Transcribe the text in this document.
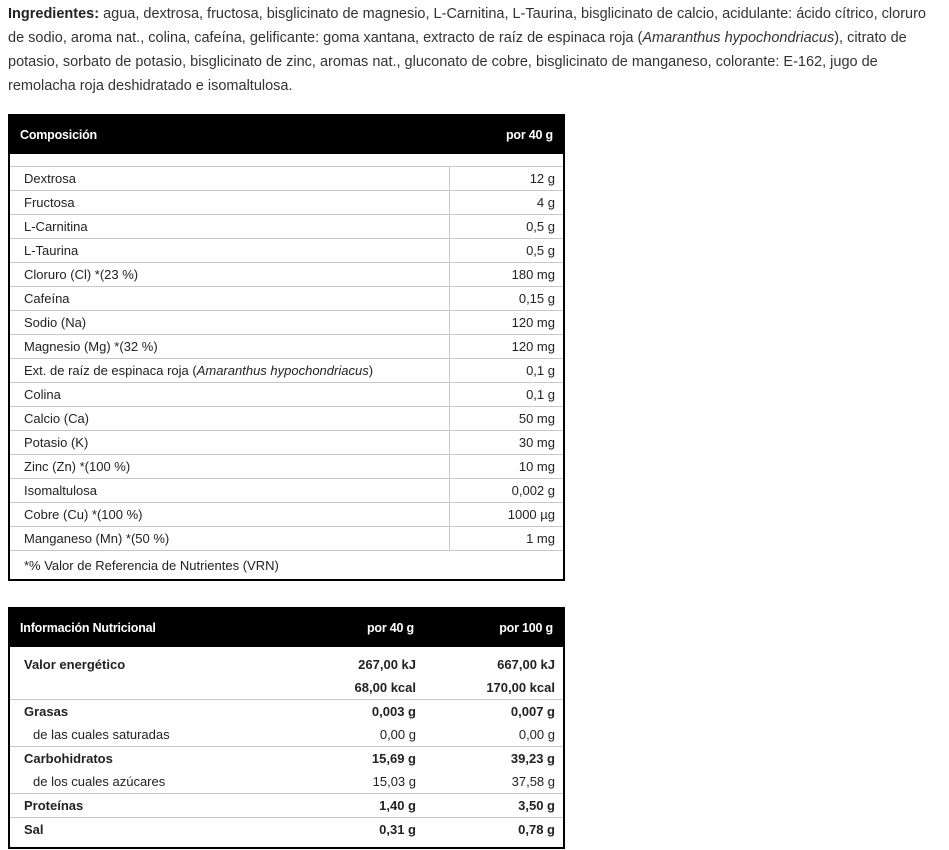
Ingredientes: agua, dextrosa, fructosa, bisglicinato de magnesio, L-Carnitina, L-Taurina, bisglicinato de calcio, acidulante: ácido cítrico, cloruro de sodio, aroma nat., colina, cafeína, gelificante: goma xantana, extracto de raíz de espinaca roja (Amaranthus hypochondriacus), citrato de potasio, sorbato de potasio, bisglicinato de zinc, aromas nat., gluconato de cobre, bisglicinato de manganeso, colorante: E-162, jugo de remolacha roja deshidratado e isomaltulosa.
Composición	por 40 g

Dextrosa	12 g
Fructosa	4 g
L-Carnitina	0,5 g
L-Taurina	0,5 g
Cloruro (Cl) *(23 %)	180 mg
Cafeína	0,15 g
Sodio (Na)	120 mg
Magnesio (Mg) *(32 %)	120 mg
Ext. de raíz de espinaca roja (Amaranthus hypochondriacus)	0,1 g
Colina	0,1 g
Calcio (Ca)	50 mg
Potasio (K)	30 mg
Zinc (Zn) *(100 %)	10 mg
Isomaltulosa	0,002 g
Cobre (Cu) *(100 %)	1000 µg
Manganeso (Mn) *(50 %)	1 mg
*% Valor de Referencia de Nutrientes (VRN)	
Información Nutricional	por 40 g	por 100 g

Valor energético	267,00 kJ	667,00 kJ
	68,00 kcal	170,00 kcal
Grasas	0,003 g	0,007 g
de las cuales saturadas	0,00 g	0,00 g
Carbohidratos	15,69 g	39,23 g
de los cuales azúcares	15,03 g	37,58 g
Proteínas	1,40 g	3,50 g
Sal	0,31 g	0,78 g
